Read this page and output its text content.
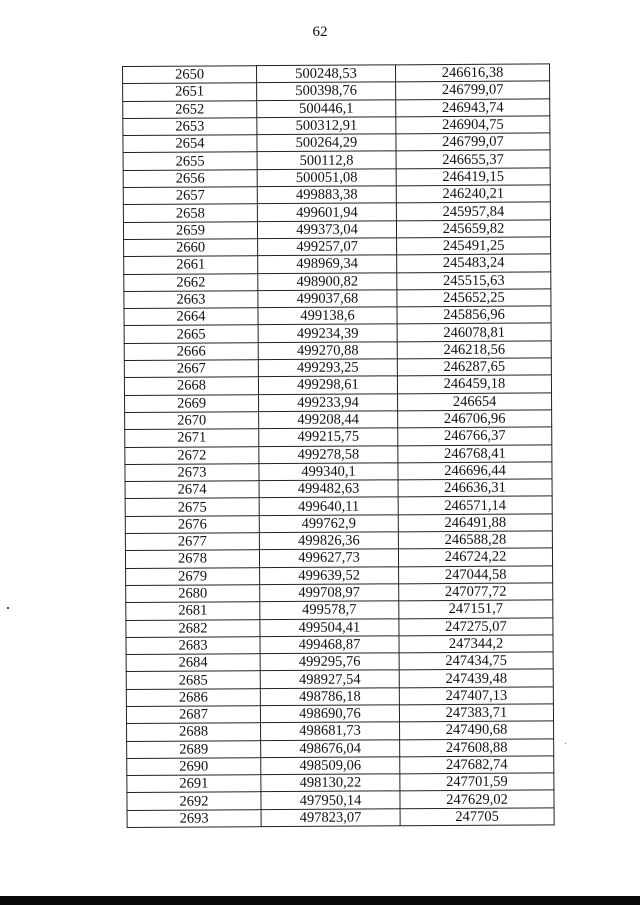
62
2650	500248,53	246616,38
2651	500398,76	246799,07
2652	500446,1	246943,74
2653	500312,91	246904,75
2654	500264,29	246799,07
2655	500112,8	246655,37
2656	500051,08	246419,15
2657	499883,38	246240,21
2658	499601,94	245957,84
2659	499373,04	245659,82
2660	499257,07	245491,25
2661	498969,34	245483,24
2662	498900,82	245515,63
2663	499037,68	245652,25
2664	499138,6	245856,96
2665	499234,39	246078,81
2666	499270,88	246218,56
2667	499293,25	246287,65
2668	499298,61	246459,18
2669	499233,94	246654
2670	499208,44	246706,96
2671	499215,75	246766,37
2672	499278,58	246768,41
2673	499340,1	246696,44
2674	499482,63	246636,31
2675	499640,11	246571,14
2676	499762,9	246491,88
2677	499826,36	246588,28
2678	499627,73	246724,22
2679	499639,52	247044,58
2680	499708,97	247077,72
2681	499578,7	247151,7
2682	499504,41	247275,07
2683	499468,87	247344,2
2684	499295,76	247434,75
2685	498927,54	247439,48
2686	498786,18	247407,13
2687	498690,76	247383,71
2688	498681,73	247490,68
2689	498676,04	247608,88
2690	498509,06	247682,74
2691	498130,22	247701,59
2692	497950,14	247629,02
2693	497823,07	247705
